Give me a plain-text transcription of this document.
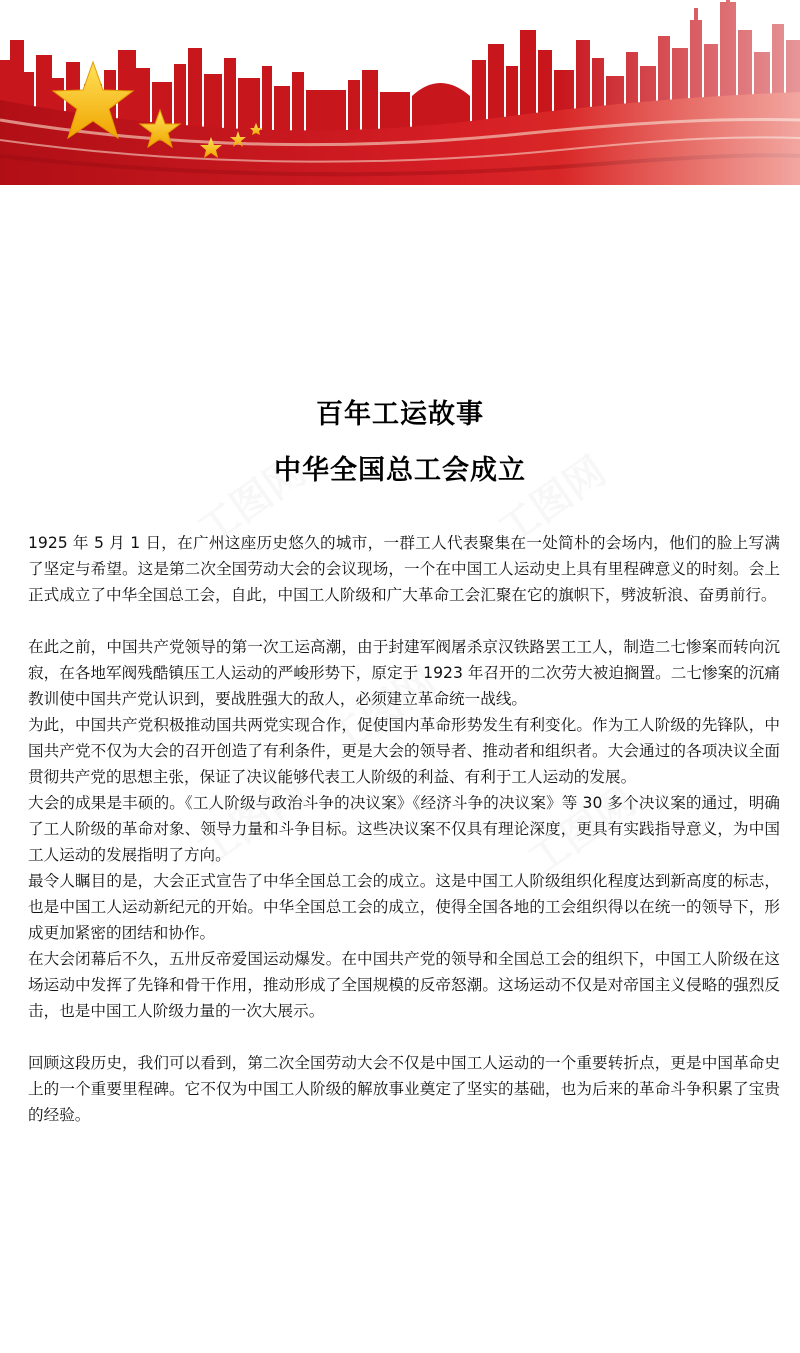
工图网	工图网
工图网
工图网	工图网
百年工运故事
中华全国总工会成立

1925 年 5 月 1 日，在广州这座历史悠久的城市，一群工人代表聚集在一处简朴的会场内，他们的脸上写满了坚定与希望。这是第二次全国劳动大会的会议现场，一个在中国工人运动史上具有里程碑意义的时刻。会上正式成立了中华全国总工会，自此，中国工人阶级和广大革命工会汇聚在它的旗帜下，劈波斩浪、奋勇前行。

在此之前，中国共产党领导的第一次工运高潮，由于封建军阀屠杀京汉铁路罢工工人，制造二七惨案而转向沉寂，在各地军阀残酷镇压工人运动的严峻形势下，原定于 1923 年召开的二次劳大被迫搁置。二七惨案的沉痛教训使中国共产党认识到，要战胜强大的敌人，必须建立革命统一战线。

为此，中国共产党积极推动国共两党实现合作，促使国内革命形势发生有利变化。作为工人阶级的先锋队，中国共产党不仅为大会的召开创造了有利条件，更是大会的领导者、推动者和组织者。大会通过的各项决议全面贯彻共产党的思想主张，保证了决议能够代表工人阶级的利益、有利于工人运动的发展。

大会的成果是丰硕的。《工人阶级与政治斗争的决议案》《经济斗争的决议案》等 30 多个决议案的通过，明确了工人阶级的革命对象、领导力量和斗争目标。这些决议案不仅具有理论深度，更具有实践指导意义，为中国工人运动的发展指明了方向。

最令人瞩目的是，大会正式宣告了中华全国总工会的成立。这是中国工人阶级组织化程度达到新高度的标志，也是中国工人运动新纪元的开始。中华全国总工会的成立，使得全国各地的工会组织得以在统一的领导下，形成更加紧密的团结和协作。

在大会闭幕后不久，五卅反帝爱国运动爆发。在中国共产党的领导和全国总工会的组织下，中国工人阶级在这场运动中发挥了先锋和骨干作用，推动形成了全国规模的反帝怒潮。这场运动不仅是对帝国主义侵略的强烈反击，也是中国工人阶级力量的一次大展示。

回顾这段历史，我们可以看到，第二次全国劳动大会不仅是中国工人运动的一个重要转折点，更是中国革命史上的一个重要里程碑。它不仅为中国工人阶级的解放事业奠定了坚实的基础，也为后来的革命斗争积累了宝贵的经验。
